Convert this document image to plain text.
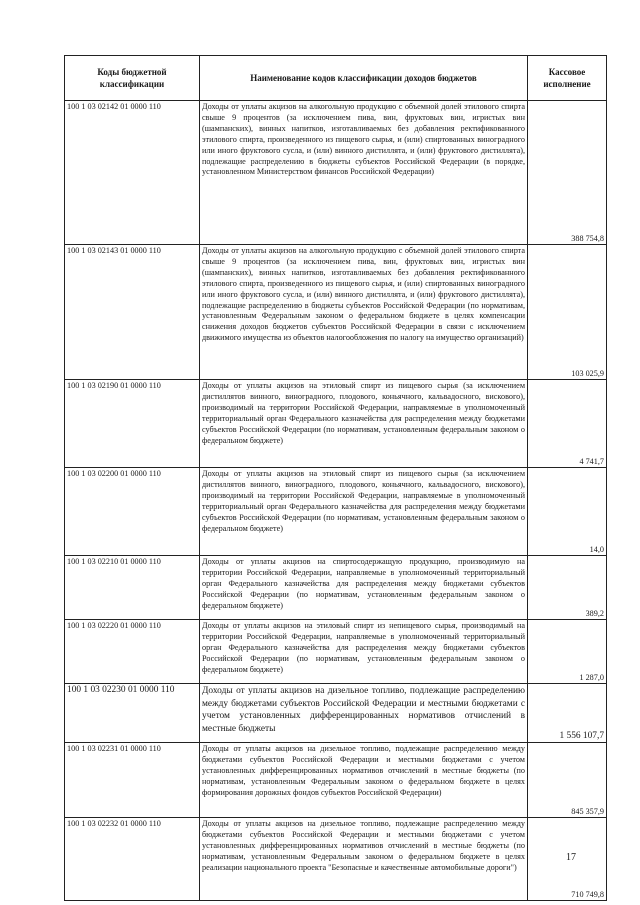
Коды бюджетной классификации	Наименование кодов классификации доходов бюджетов	Кассовое исполнение
100 1 03 02142 01 0000 110	Доходы от уплаты акцизов на алкогольную продукцию с объемной долей этилового спирта свыше 9 процентов (за исключением пива, вин, фруктовых вин, игристых вин (шампанских), винных напитков, изготавливаемых без добавления ректификованного этилового спирта, произведенного из пищевого сырья, и (или) спиртованных виноградного или иного фруктового сусла, и (или) винного дистиллята, и (или) фруктового дистиллята), подлежащие распределению в бюджеты субъектов Российской Федерации (в порядке, установленном Министерством финансов Российской Федерации)	388 754,8
100 1 03 02143 01 0000 110	Доходы от уплаты акцизов на алкогольную продукцию с объемной долей этилового спирта свыше 9 процентов (за исключением пива, вин, фруктовых вин, игристых вин (шампанских), винных напитков, изготавливаемых без добавления ректификованного этилового спирта, произведенного из пищевого сырья, и (или) спиртованных виноградного или иного фруктового сусла, и (или) винного дистиллята, и (или) фруктового дистиллята), подлежащие распределению в бюджеты субъектов Российской Федерации (по нормативам, установленным Федеральным законом о федеральном бюджете в целях компенсации снижения доходов бюджетов субъектов Российской Федерации в связи с исключением движимого имущества из объектов налогообложения по налогу на имущество организаций)	103 025,9
100 1 03 02190 01 0000 110	Доходы от уплаты акцизов на этиловый спирт из пищевого сырья (за исключением дистиллятов винного, виноградного, плодового, коньячного, кальвадосного, вискового), производимый на территории Российской Федерации, направляемые в уполномоченный территориальный орган Федерального казначейства для распределения между бюджетами субъектов Российской Федерации (по нормативам, установленным федеральным законом о федеральном бюджете)	4 741,7
100 1 03 02200 01 0000 110	Доходы от уплаты акцизов на этиловый спирт из пищевого сырья (за исключением дистиллятов винного, виноградного, плодового, коньячного, кальвадосного, вискового), производимый на территории Российской Федерации, направляемые в уполномоченный территориальный орган Федерального казначейства для распределения между бюджетами субъектов Российской Федерации (по нормативам, установленным федеральным законом о федеральном бюджете)	14,0
100 1 03 02210 01 0000 110	Доходы от уплаты акцизов на спиртосодержащую продукцию, производимую на территории Российской Федерации, направляемые в уполномоченный территориальный орган Федерального казначейства для распределения между бюджетами субъектов Российской Федерации (по нормативам, установленным федеральным законом о федеральном бюджете)	389,2
100 1 03 02220 01 0000 110	Доходы от уплаты акцизов на этиловый спирт из непищевого сырья, производимый на территории Российской Федерации, направляемые в уполномоченный территориальный орган Федерального казначейства для распределения между бюджетами субъектов Российской Федерации (по нормативам, установленным федеральным законом о федеральном бюджете)	1 287,0
100 1 03 02230 01 0000 110	Доходы от уплаты акцизов на дизельное топливо, подлежащие распределению между бюджетами субъектов Российской Федерации и местными бюджетами с учетом установленных дифференцированных нормативов отчислений в местные бюджеты	1 556 107,7
100 1 03 02231 01 0000 110	Доходы от уплаты акцизов на дизельное топливо, подлежащие распределению между бюджетами субъектов Российской Федерации и местными бюджетами с учетом установленных дифференцированных нормативов отчислений в местные бюджеты (по нормативам, установленным Федеральным законом о федеральном бюджете в целях формирования дорожных фондов субъектов Российской Федерации)	845 357,9
100 1 03 02232 01 0000 110	Доходы от уплаты акцизов на дизельное топливо, подлежащие распределению между бюджетами субъектов Российской Федерации и местными бюджетами с учетом установленных дифференцированных нормативов отчислений в местные бюджеты (по нормативам, установленным Федеральным законом о федеральном бюджете в целях реализации национального проекта "Безопасные и качественные автомобильные дороги")	710 749,8
17
